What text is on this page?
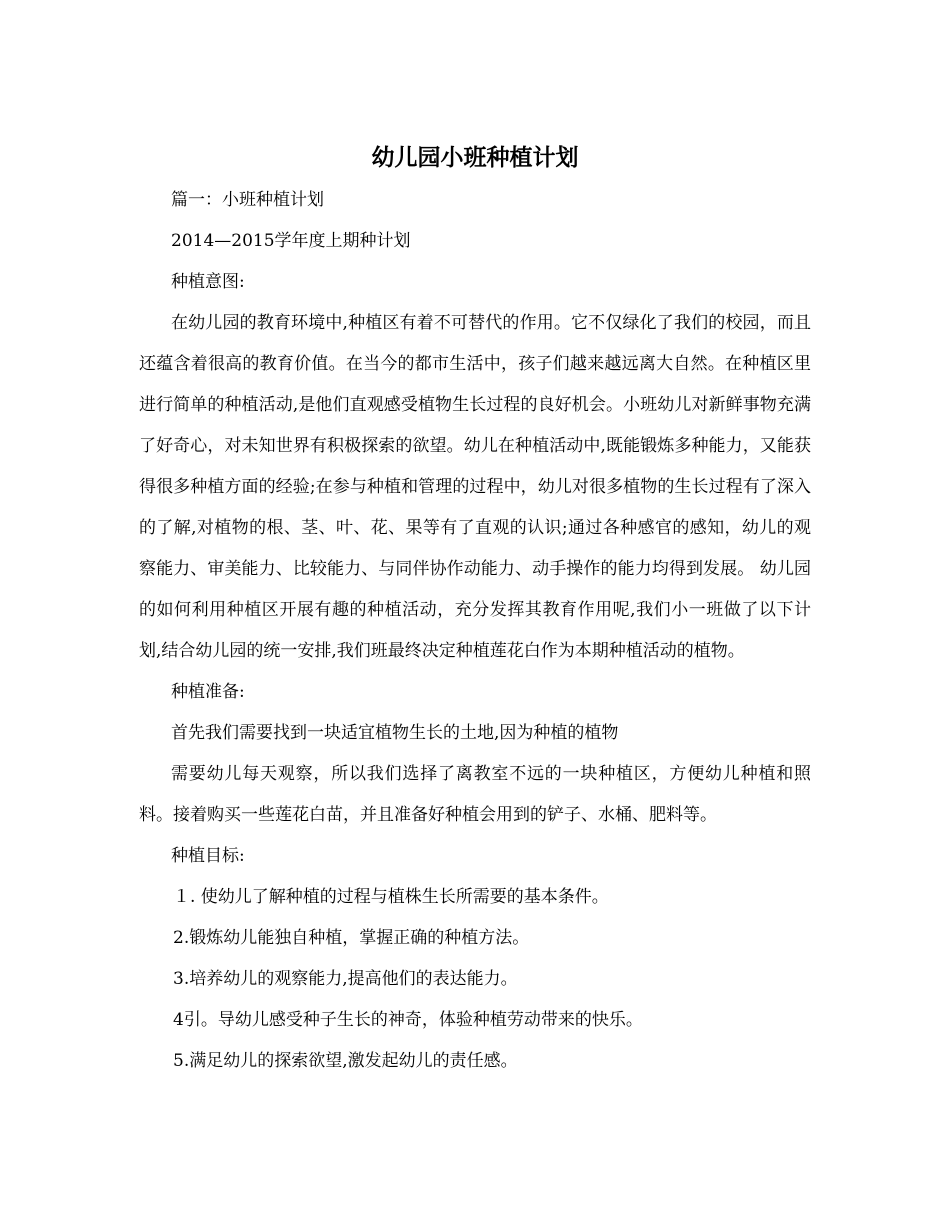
幼儿园小班种植计划

篇一：小班种植计划

2014—2015学年度上期种计划

种植意图:

在幼儿园的教育环境中,种植区有着不可替代的作用。它不仅绿化了我们的校园，而且还蕴含着很高的教育价值。在当今的都市生活中，孩子们越来越远离大自然。在种植区里进行简单的种植活动,是他们直观感受植物生长过程的良好机会。小班幼儿对新鲜事物充满了好奇心，对未知世界有积极探索的欲望。幼儿在种植活动中,既能锻炼多种能力，又能获得很多种植方面的经验;在参与种植和管理的过程中，幼儿对很多植物的生长过程有了深入的了解,对植物的根、茎、叶、花、果等有了直观的认识;通过各种感官的感知，幼儿的观察能力、审美能力、比较能力、与同伴协作动能力、动手操作的能力均得到发展。 幼儿园的如何利用种植区开展有趣的种植活动，充分发挥其教育作用呢,我们小一班做了以下计划,结合幼儿园的统一安排,我们班最终决定种植莲花白作为本期种植活动的植物。

种植准备:

首先我们需要找到一块适宜植物生长的土地,因为种植的植物

需要幼儿每天观察，所以我们选择了离教室不远的一块种植区，方便幼儿种植和照料。接着购买一些莲花白苗，并且准备好种植会用到的铲子、水桶、肥料等。

种植目标:

１. 使幼儿了解种植的过程与植株生长所需要的基本条件。

2.锻炼幼儿能独自种植，掌握正确的种植方法。

3.培养幼儿的观察能力,提高他们的表达能力。

4引。导幼儿感受种子生长的神奇，体验种植劳动带来的快乐。

5.满足幼儿的探索欲望,激发起幼儿的责任感。
